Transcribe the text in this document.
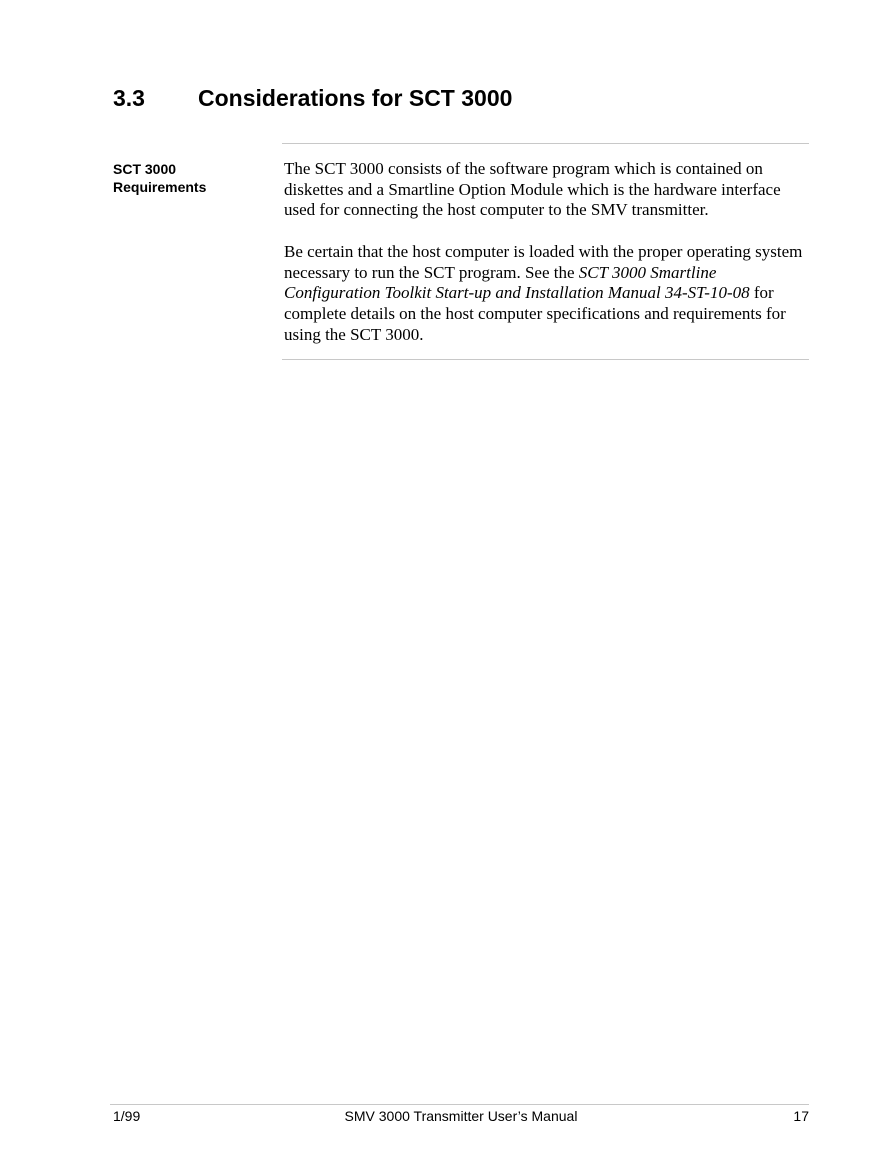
3.3 Considerations for SCT 3000
SCT 3000
Requirements

The SCT 3000 consists of the software program which is contained on diskettes and a Smartline Option Module which is the hardware interface used for connecting the host computer to the SMV transmitter.

Be certain that the host computer is loaded with the proper operating system necessary to run the SCT program. See the SCT 3000 Smartline Configuration Toolkit Start-up and Installation Manual 34-ST-10-08 for complete details on the host computer specifications and requirements for using the SCT 3000.

1/99	SMV 3000 Transmitter User’s Manual	17
